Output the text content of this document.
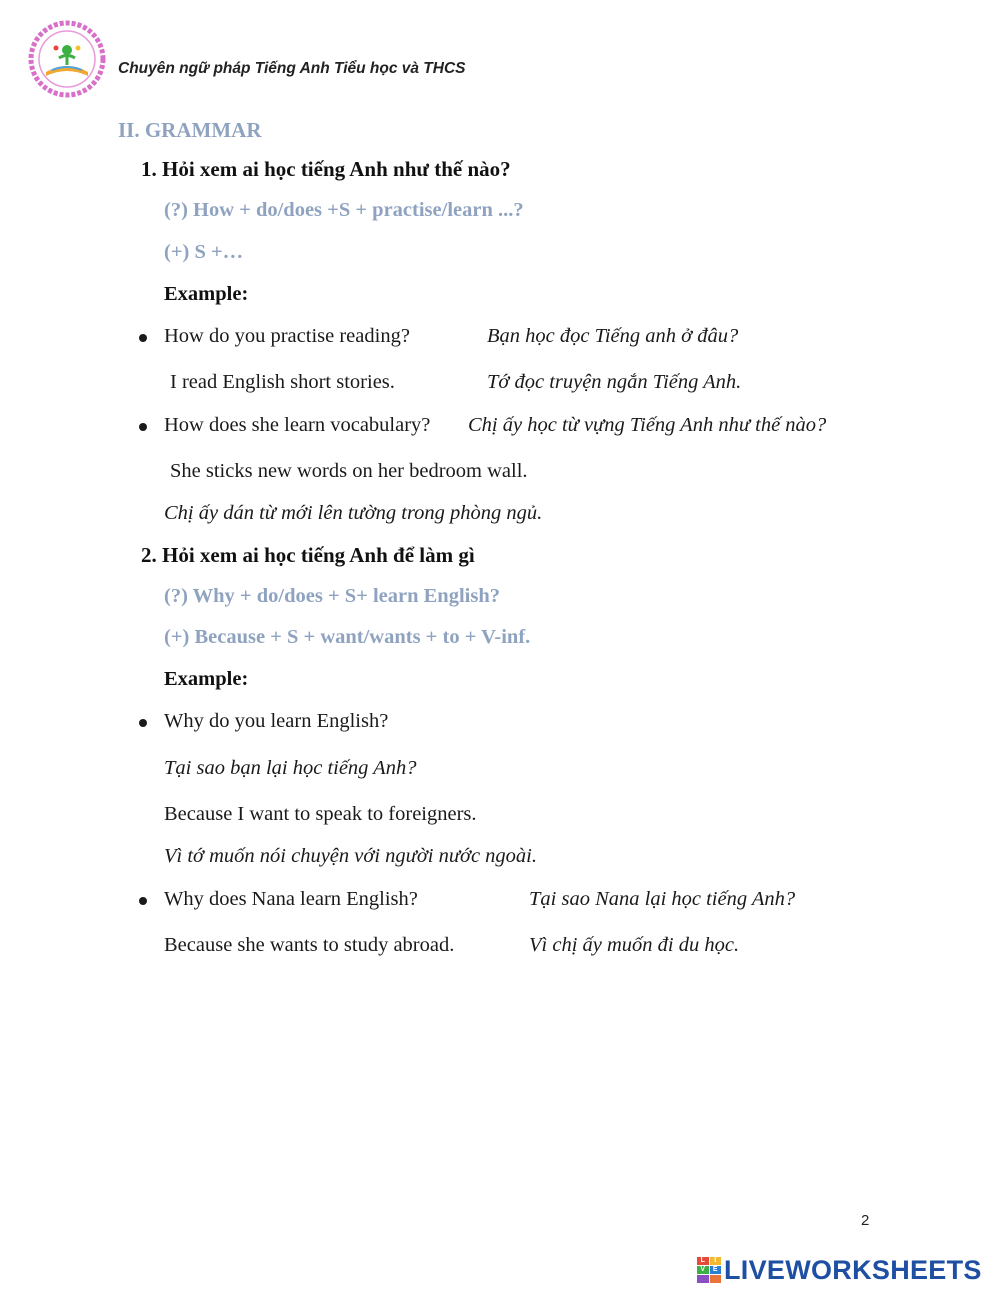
Chuyên ngữ pháp Tiếng Anh Tiểu học và THCS
II. GRAMMAR
1. Hỏi xem ai học tiếng Anh như thế nào?
(?) How + do/does +S + practise/learn ...?
(+) S +…
Example:
How do you practise reading?	Bạn học đọc Tiếng anh ở đâu?
I read English short stories.	Tớ đọc truyện ngắn Tiếng Anh.
How does she learn vocabulary? Chị ấy học từ vựng Tiếng Anh như thế nào?
She sticks new words on her bedroom wall.
Chị ấy dán từ mới lên tường trong phòng ngủ.
2. Hỏi xem ai học tiếng Anh để làm gì
(?) Why + do/does + S+ learn English?
(+) Because + S + want/wants + to + V-inf.
Example:
Why do you learn English?
Tại sao bạn lại học tiếng Anh?
Because I want to speak to foreigners.
Vì tớ muốn nói chuyện với người nước ngoài.
Why does Nana learn English?	Tại sao Nana lại học tiếng Anh?
Because she wants to study abroad.	Vì chị ấy muốn đi du học.
2
L	I
V	E LIVEWORKSHEETS
